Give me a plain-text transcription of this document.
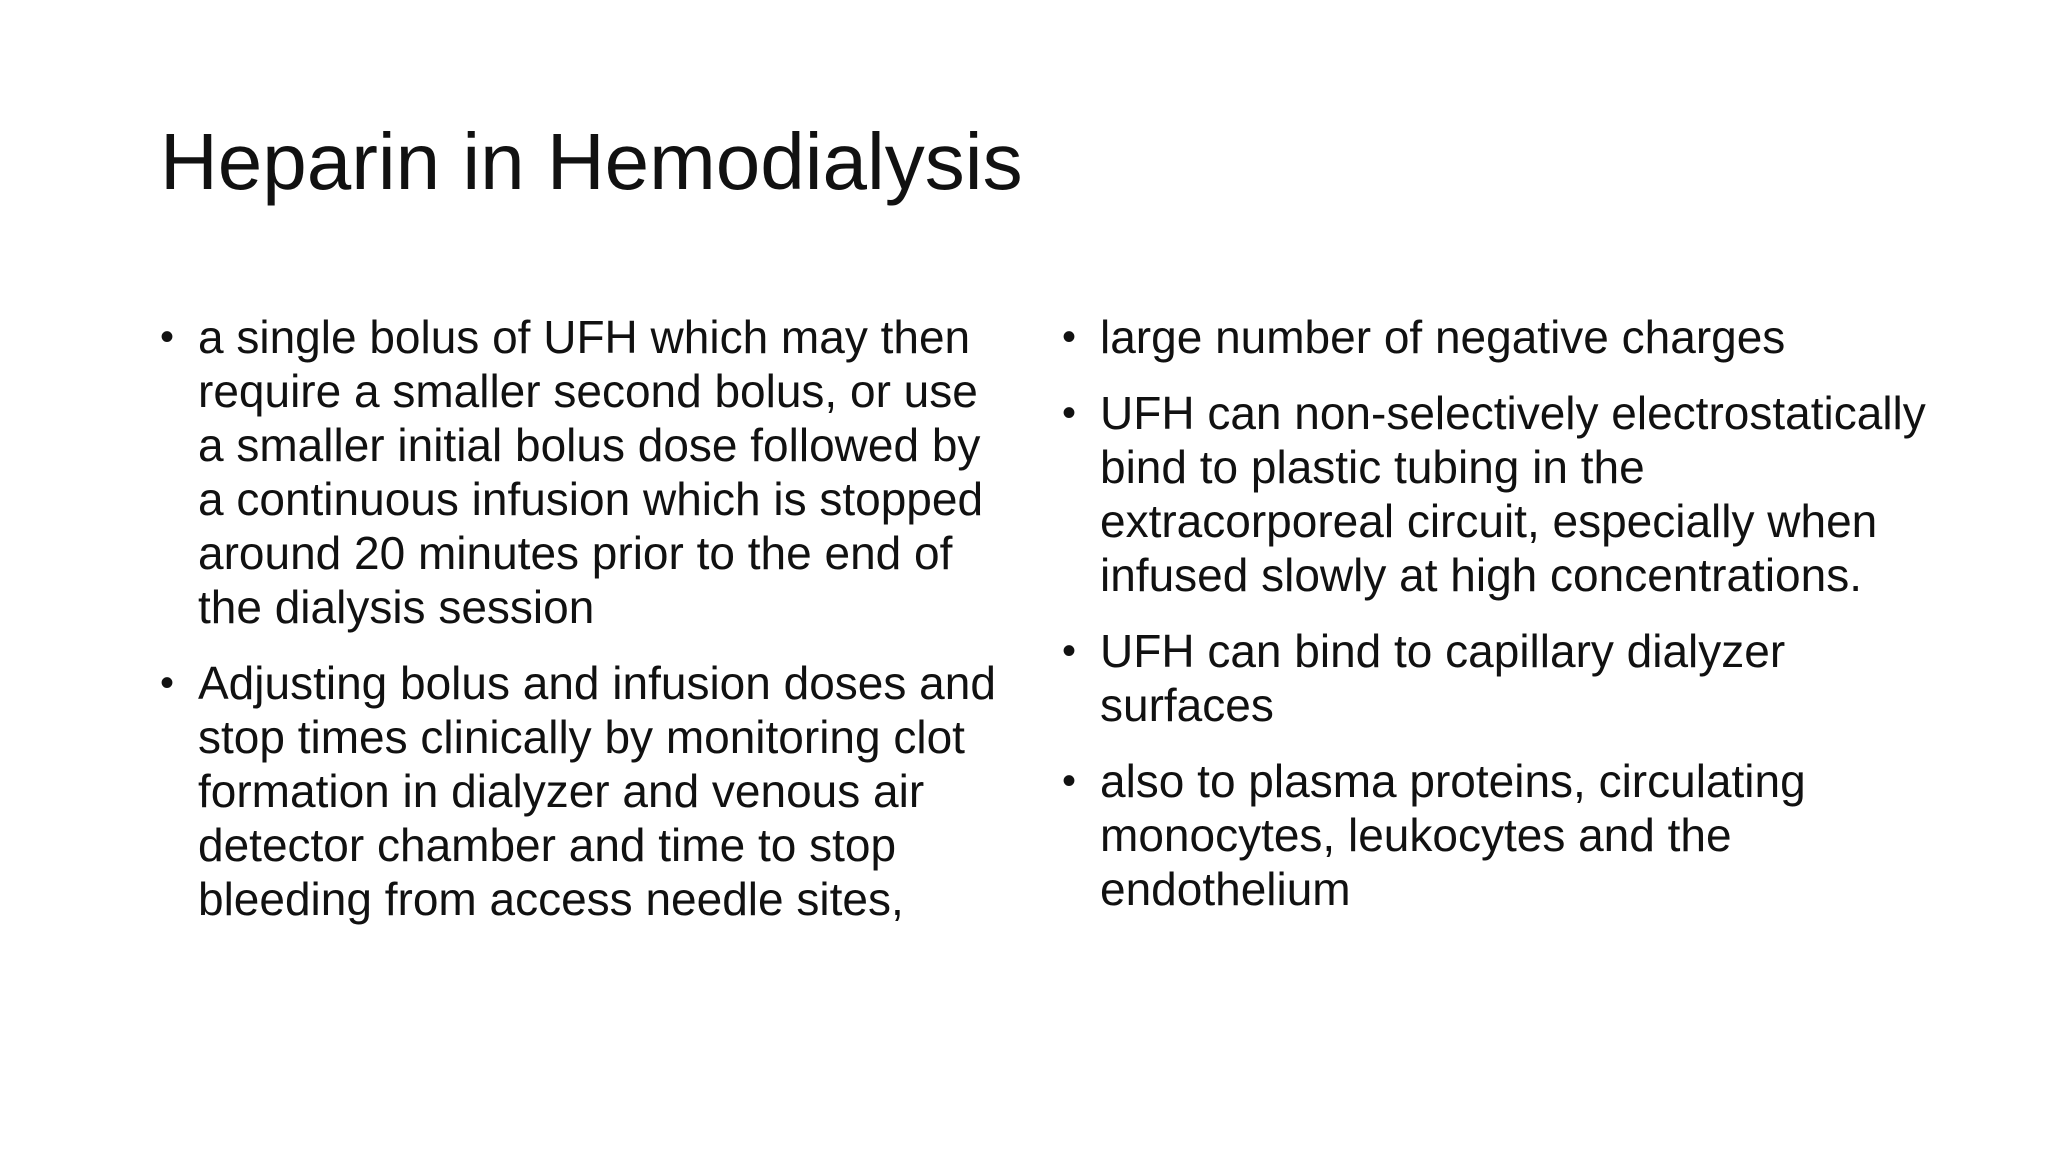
Heparin in Hemodialysis
• a single bolus of UFH which may then require a smaller second bolus, or use a smaller initial bolus dose followed by a continuous infusion which is stopped around 20 minutes prior to the end of the dialysis session
• Adjusting bolus and infusion doses and stop times clinically by monitoring clot formation in dialyzer and venous air detector chamber and time to stop bleeding from access needle sites,
• large number of negative charges
• UFH can non-selectively electrostatically bind to plastic tubing in the extracorporeal circuit, especially when infused slowly at high concentrations.
• UFH can bind to capillary dialyzer surfaces
• also to plasma proteins, circulating monocytes, leukocytes and the endothelium
